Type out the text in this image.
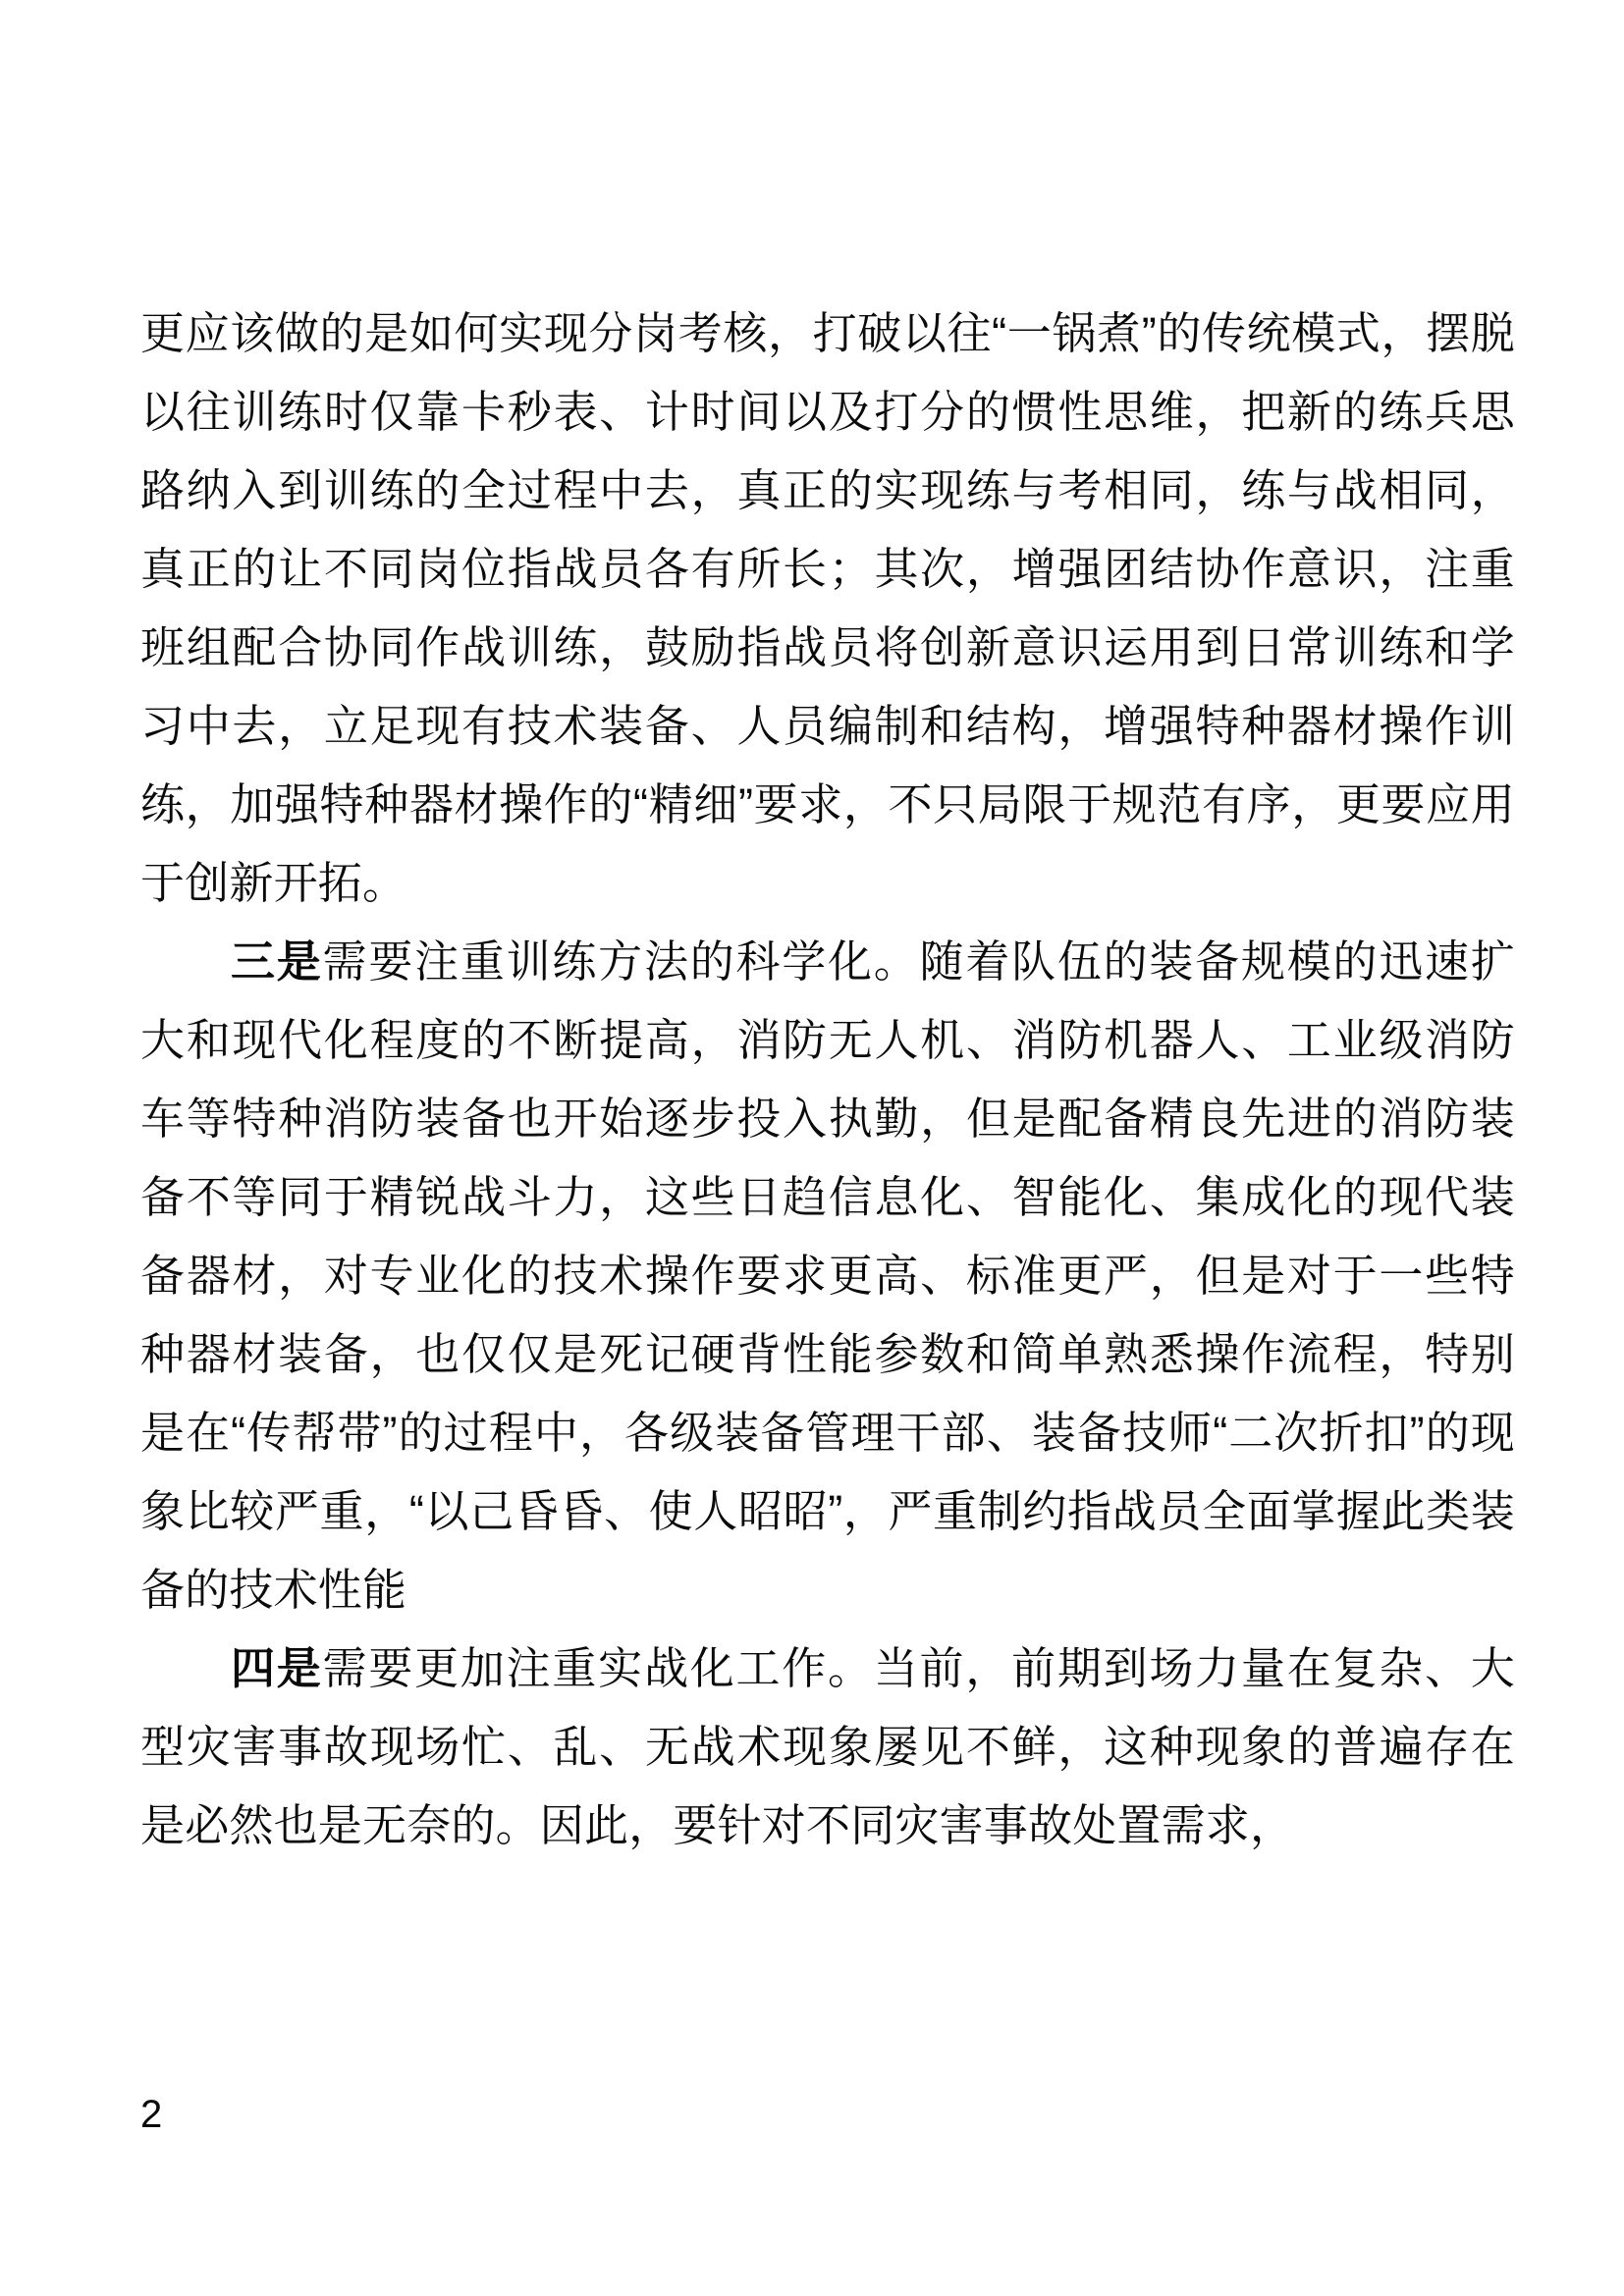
更应该做的是如何实现分岗考核，打破以往“一锅煮”的传统模式，摆脱以往训练时仅靠卡秒表、计时间以及打分的惯性思维，把新的练兵思路纳入到训练的全过程中去，真正的实现练与考相同，练与战相同，真正的让不同岗位指战员各有所长；其次，增强团结协作意识，注重班组配合协同作战训练，鼓励指战员将创新意识运用到日常训练和学习中去，立足现有技术装备、人员编制和结构，增强特种器材操作训练，加强特种器材操作的“精细”要求，不只局限于规范有序，更要应用于创新开拓。

三是需要注重训练方法的科学化。随着队伍的装备规模的迅速扩大和现代化程度的不断提高，消防无人机、消防机器人、工业级消防车等特种消防装备也开始逐步投入执勤，但是配备精良先进的消防装备不等同于精锐战斗力，这些日趋信息化、智能化、集成化的现代装备器材，对专业化的技术操作要求更高、标准更严，但是对于一些特种器材装备，也仅仅是死记硬背性能参数和简单熟悉操作流程，特别是在“传帮带”的过程中，各级装备管理干部、装备技师“二次折扣”的现象比较严重，“以己昏昏、使人昭昭”，严重制约指战员全面掌握此类装备的技术性能

四是需要更加注重实战化工作。当前，前期到场力量在复杂、大型灾害事故现场忙、乱、无战术现象屡见不鲜，这种现象的普遍存在是必然也是无奈的。因此，要针对不同灾害事故处置需求，

2
